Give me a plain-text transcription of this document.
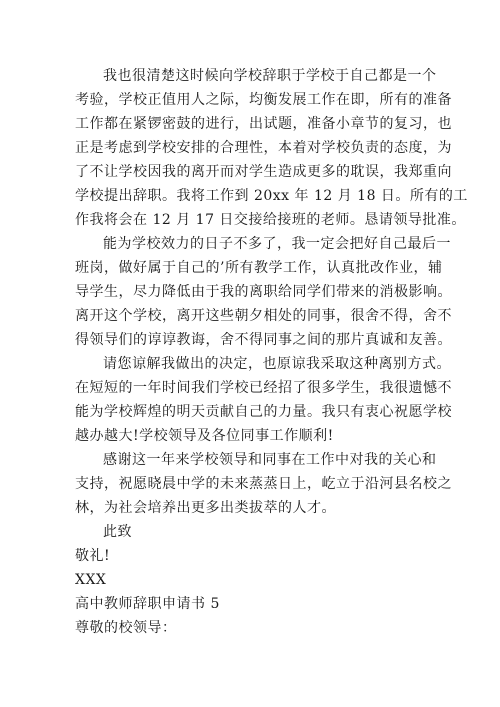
我也很清楚这时候向学校辞职于学校于自己都是一个
考验，学校正值用人之际，均衡发展工作在即，所有的准备
工作都在紧锣密鼓的进行，出试题，准备小章节的复习，也
正是考虑到学校安排的合理性，本着对学校负责的态度，为
了不让学校因我的离开而对学生造成更多的耽误，我郑重向
学校提出辞职。我将工作到 20xx 年 12 月 18 日。所有的工
作我将会在 12 月 17 日交接给接班的老师。恳请领导批准。
能为学校效力的日子不多了，我一定会把好自己最后一
班岗，做好属于自己的’所有教学工作，认真批改作业，辅
导学生，尽力降低由于我的离职给同学们带来的消极影响。
离开这个学校，离开这些朝夕相处的同事，很舍不得，舍不
得领导们的谆谆教诲，舍不得同事之间的那片真诚和友善。
请您谅解我做出的决定，也原谅我采取这种离别方式。
在短短的一年时间我们学校已经招了很多学生，我很遗憾不
能为学校辉煌的明天贡献自己的力量。我只有衷心祝愿学校
越办越大!学校领导及各位同事工作顺利!
感谢这一年来学校领导和同事在工作中对我的关心和
支持，祝愿晓晨中学的未来蒸蒸日上，屹立于沿河县名校之
林，为社会培养出更多出类拔萃的人才。
此致
敬礼!
XXX
高中教师辞职申请书 5
尊敬的校领导：
